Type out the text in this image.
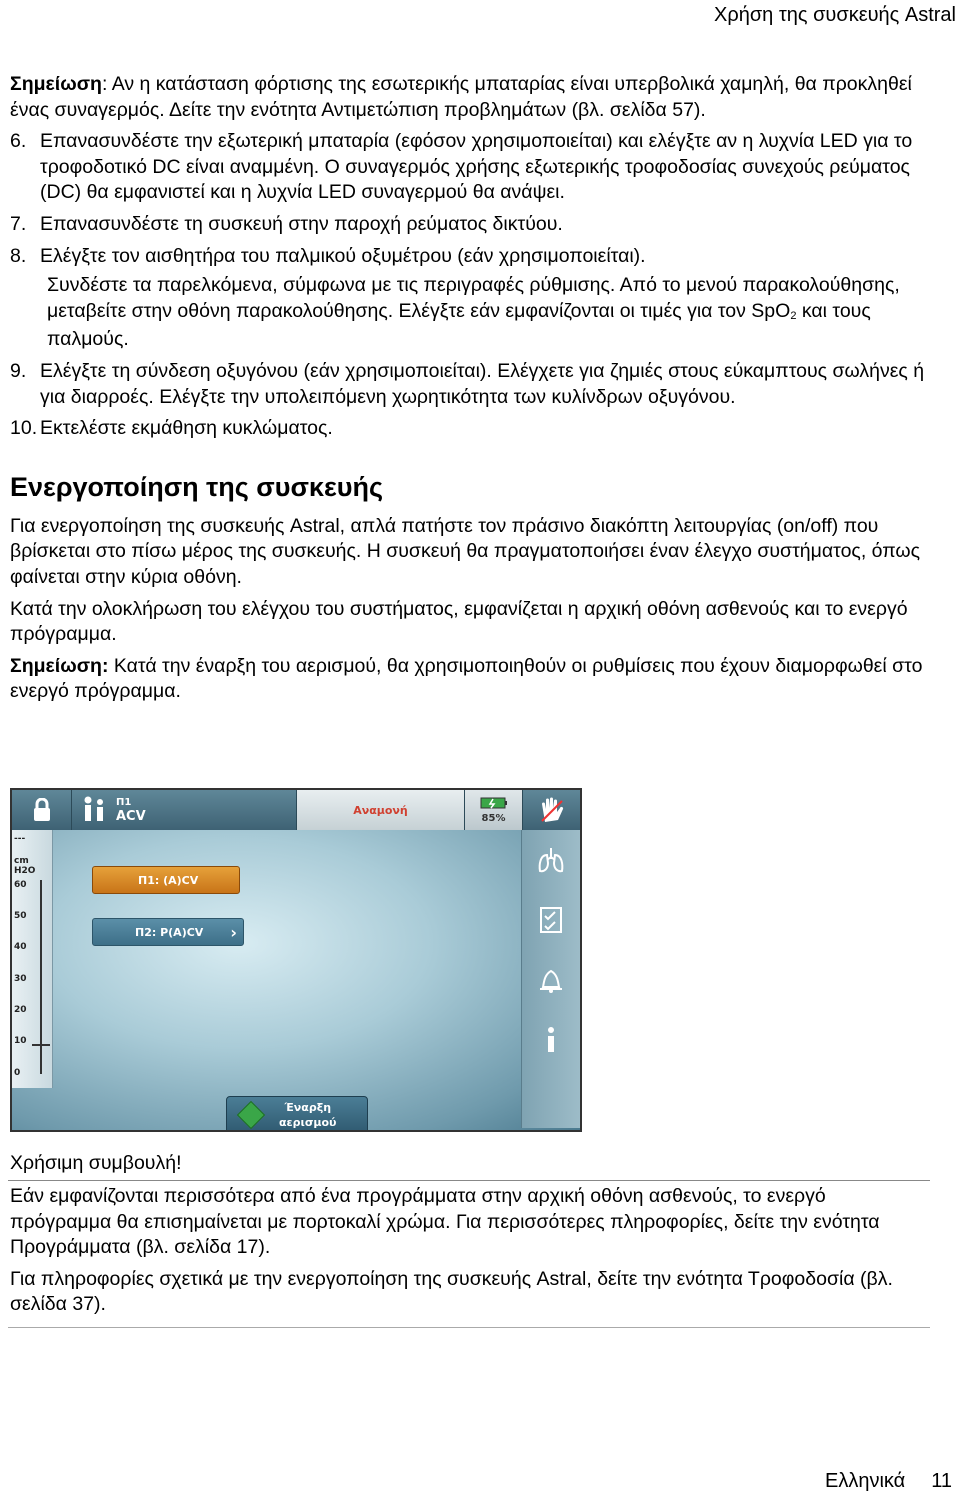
Χρήση της συσκευής Astral
Σημείωση: Αν η κατάσταση φόρτισης της εσωτερικής μπαταρίας είναι υπερβολικά χαμηλή, θα προκληθεί ένας συναγερμός. Δείτε την ενότητα Αντιμετώπιση προβλημάτων (βλ. σελίδα 57).
6. Επανασυνδέστε την εξωτερική μπαταρία (εφόσον χρησιμοποιείται) και ελέγξτε αν η λυχνία LED για το τροφοδοτικό DC είναι αναμμένη. Ο συναγερμός χρήσης εξωτερικής τροφοδοσίας συνεχούς ρεύματος (DC) θα εμφανιστεί και η λυχνία LED συναγερμού θα ανάψει.
7. Επανασυνδέστε τη συσκευή στην παροχή ρεύματος δικτύου.
8. Ελέγξτε τον αισθητήρα του παλμικού οξυμέτρου (εάν χρησιμοποιείται).
Συνδέστε τα παρελκόμενα, σύμφωνα με τις περιγραφές ρύθμισης. Από το μενού παρακολούθησης, μεταβείτε στην οθόνη παρακολούθησης. Ελέγξτε εάν εμφανίζονται οι τιμές για τον SpO$_2$ και τους παλμούς.
9. Ελέγξτε τη σύνδεση οξυγόνου (εάν χρησιμοποιείται). Ελέγχετε για ζημιές στους εύκαμπτους σωλήνες ή για διαρροές. Ελέγξτε την υπολειπόμενη χωρητικότητα των κυλίνδρων οξυγόνου.
10. Εκτελέστε εκμάθηση κυκλώματος.
Ενεργοποίηση της συσκευής
Για ενεργοποίηση της συσκευής Astral, απλά πατήστε τον πράσινο διακόπτη λειτουργίας (on/off) που βρίσκεται στο πίσω μέρος της συσκευής. Η συσκευή θα πραγματοποιήσει έναν έλεγχο συστήματος, όπως φαίνεται στην κύρια οθόνη.
Κατά την ολοκλήρωση του ελέγχου του συστήματος, εμφανίζεται η αρχική οθόνη ασθενούς και το ενεργό πρόγραμμα.
Σημείωση: Κατά την έναρξη του αερισμού, θα χρησιμοποιηθούν οι ρυθμίσεις που έχουν διαμορφωθεί στο ενεργό πρόγραμμα.
Π1
ACV	Αναμονή
85%
---
cm H2O
60
50
40
30
20
10
0
Π1: (A)CV
Π2: P(A)CV ›
Έναρξη
αερισμού
Χρήσιμη συμβουλή!
Εάν εμφανίζονται περισσότερα από ένα προγράμματα στην αρχική οθόνη ασθενούς, το ενεργό πρόγραμμα θα επισημαίνεται με πορτοκαλί χρώμα. Για περισσότερες πληροφορίες, δείτε την ενότητα Προγράμματα (βλ. σελίδα 17).
Για πληροφορίες σχετικά με την ενεργοποίηση της συσκευής Astral, δείτε την ενότητα Τροφοδοσία (βλ. σελίδα 37).
Ελληνικά 11
